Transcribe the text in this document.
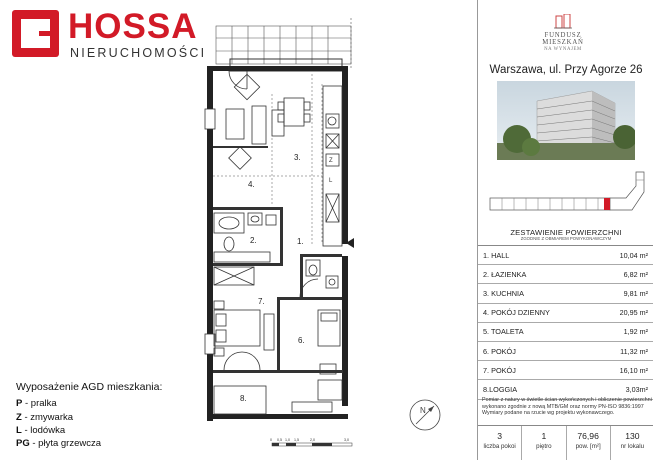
HOSSA
NIERUCHOMOŚCI
Z
L
3.
4.
2.	1.
7.
6.
8.
N
0 0,5 1,0 1,5	2,0	3,0
Wyposażenie AGD mieszkania:
P - pralka
Z - zmywarka
L - lodówka
PG - płyta grzewcza
FUNDUSZ
MIESZKAŃ
NA WYNAJEM
Warszawa, ul. Przy Agorze 26
ZESTAWIENIE POWIERZCHNI
ZGODNIE Z OBMIAREM POWYKONAWCZYM
1. HALL	10,04 m²
2. ŁAZIENKA	6,82 m²
3. KUCHNIA	9,81 m²
4. POKÓJ DZIENNY	20,95 m²
5. TOALETA	1,92 m²
6. POKÓJ	11,32 m²
7. POKÓJ	16,10 m²
8.LOGGIA	3,03m²
Pomiar z natury w świetle ścian wykończonych i obliczenie powierzchni wykonano zgodnie z nową MTB/GM oraz normy PN-ISO 9836:1997 Wymiary podane na rzucie wg projektu wykonawczego.
3
liczba pokoi
1
piętro
76,96
pow. [m²]
130
nr lokalu
